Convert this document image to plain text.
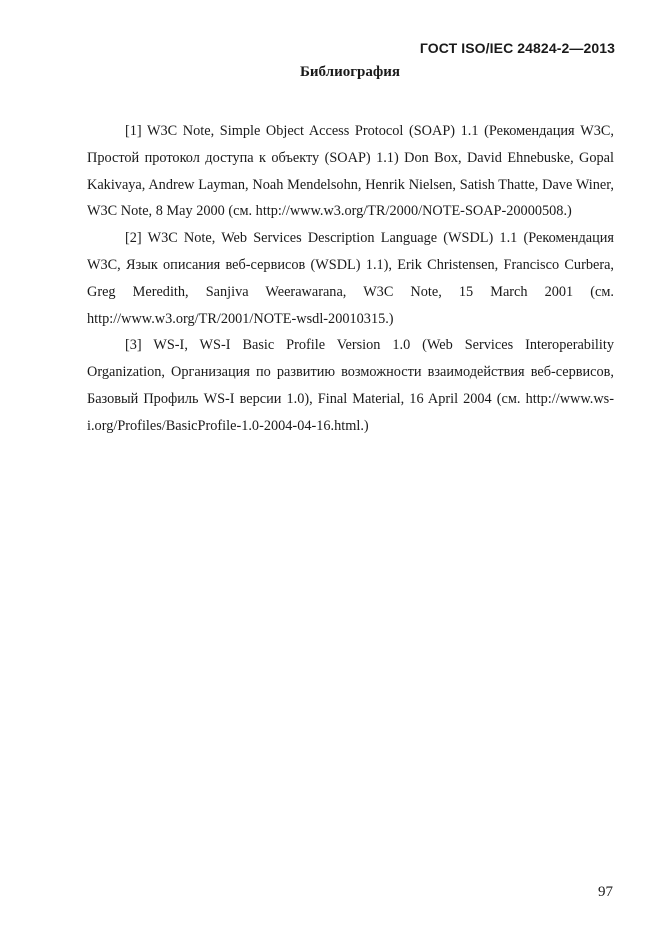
ГОСТ ISO/IEC 24824-2—2013
Библиография

[1] W3C Note, Simple Object Access Protocol (SOAP) 1.1 (Рекомендация W3C, Простой протокол доступа к объекту (SOAP) 1.1) Don Box, David Ehnebuske, Gopal Kakivaya, Andrew Layman, Noah Mendelsohn, Henrik Nielsen, Satish Thatte, Dave Winer, W3C Note, 8 May 2000 (см. http://www.w3.org/TR/2000/NOTE-SOAP-20000508.)

[2] W3C Note, Web Services Description Language (WSDL) 1.1 (Рекомендация W3C, Язык описания веб-сервисов (WSDL) 1.1), Erik Christensen, Francisco Curbera, Greg Meredith, Sanjiva Weerawarana, W3C Note, 15 March 2001 (см. http://www.w3.org/TR/2001/NOTE-wsdl-20010315.)

[3] WS-I, WS-I Basic Profile Version 1.0 (Web Services Interoperability Organization, Организация по развитию возможности взаимодействия веб-сервисов, Базовый Профиль WS-I версии 1.0), Final Material, 16 April 2004 (см. http://www.ws-i.org/Profiles/BasicProfile-1.0-2004-04-16.html.)

97
